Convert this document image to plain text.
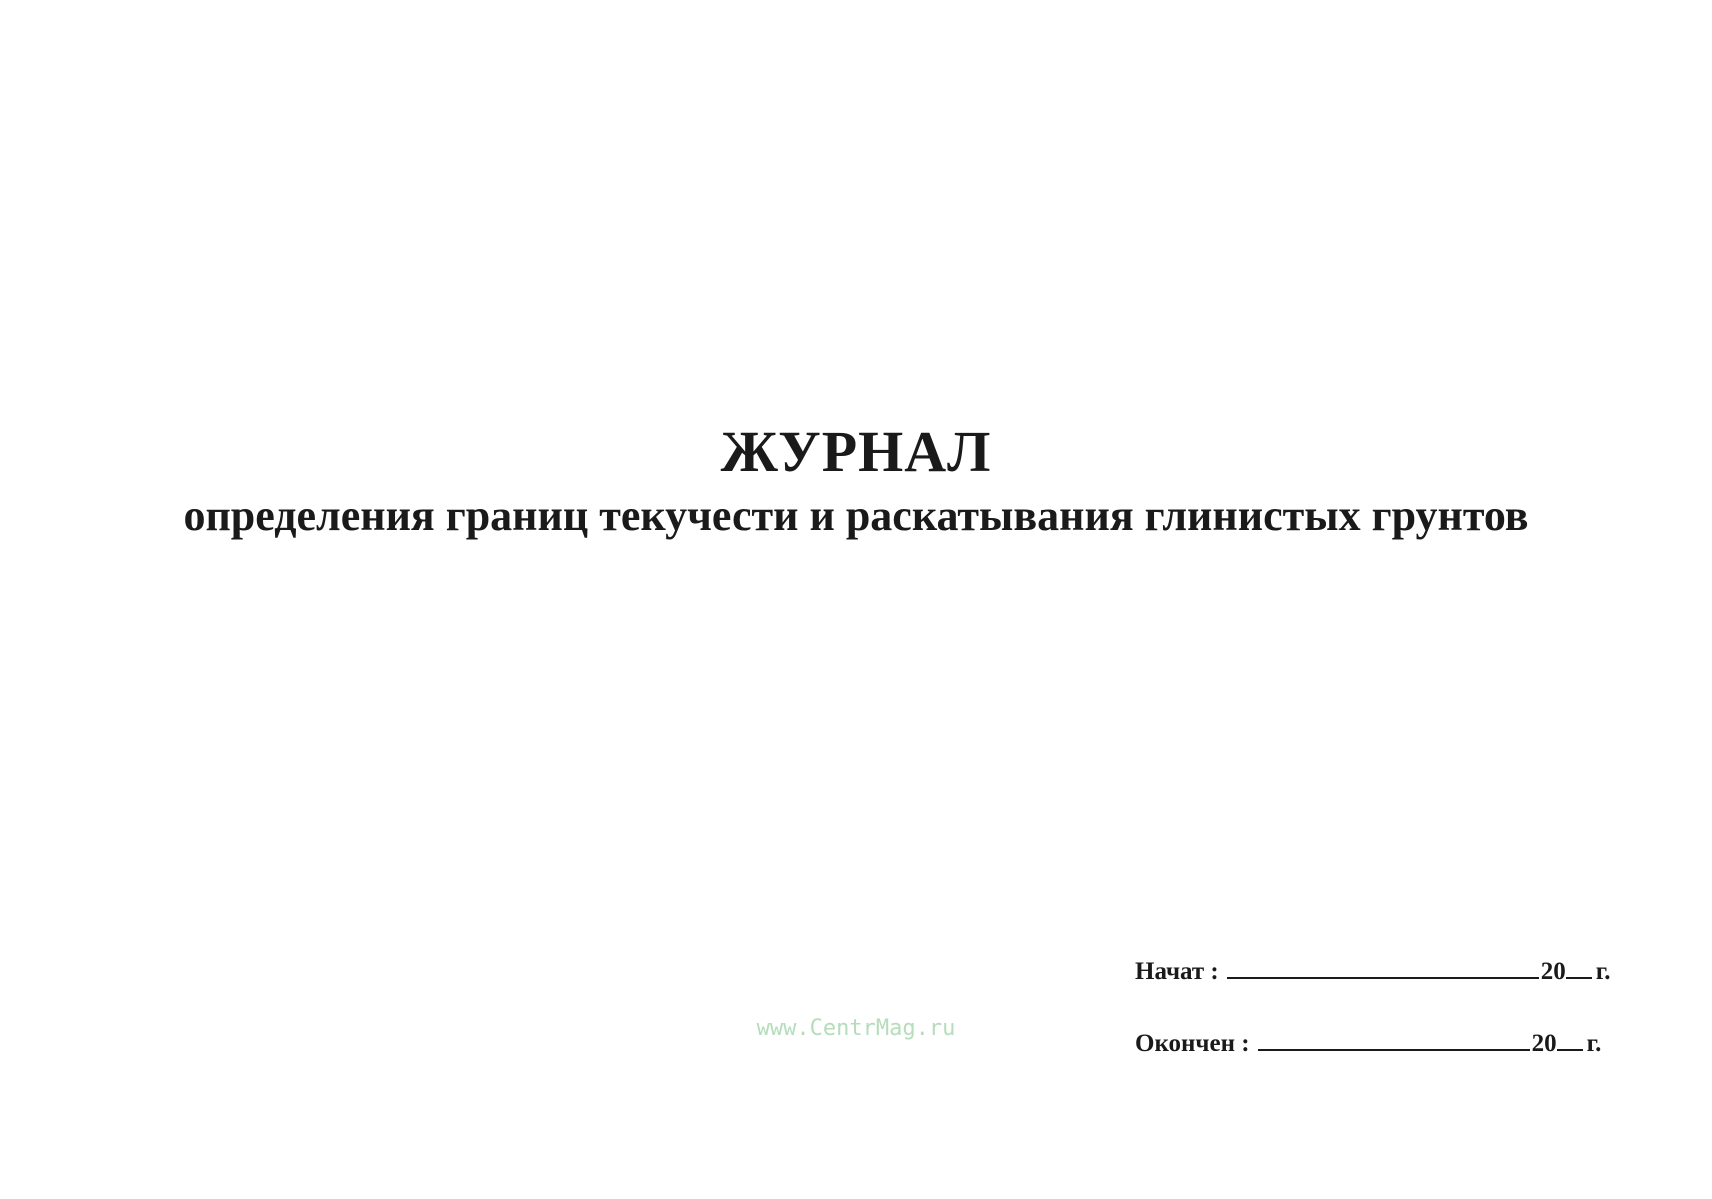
ЖУРНАЛ
определения границ текучести и раскатывания глинистых грунтов
www.CentrMag.ru
Начат :	20 г.
Окончен :	20 г.
